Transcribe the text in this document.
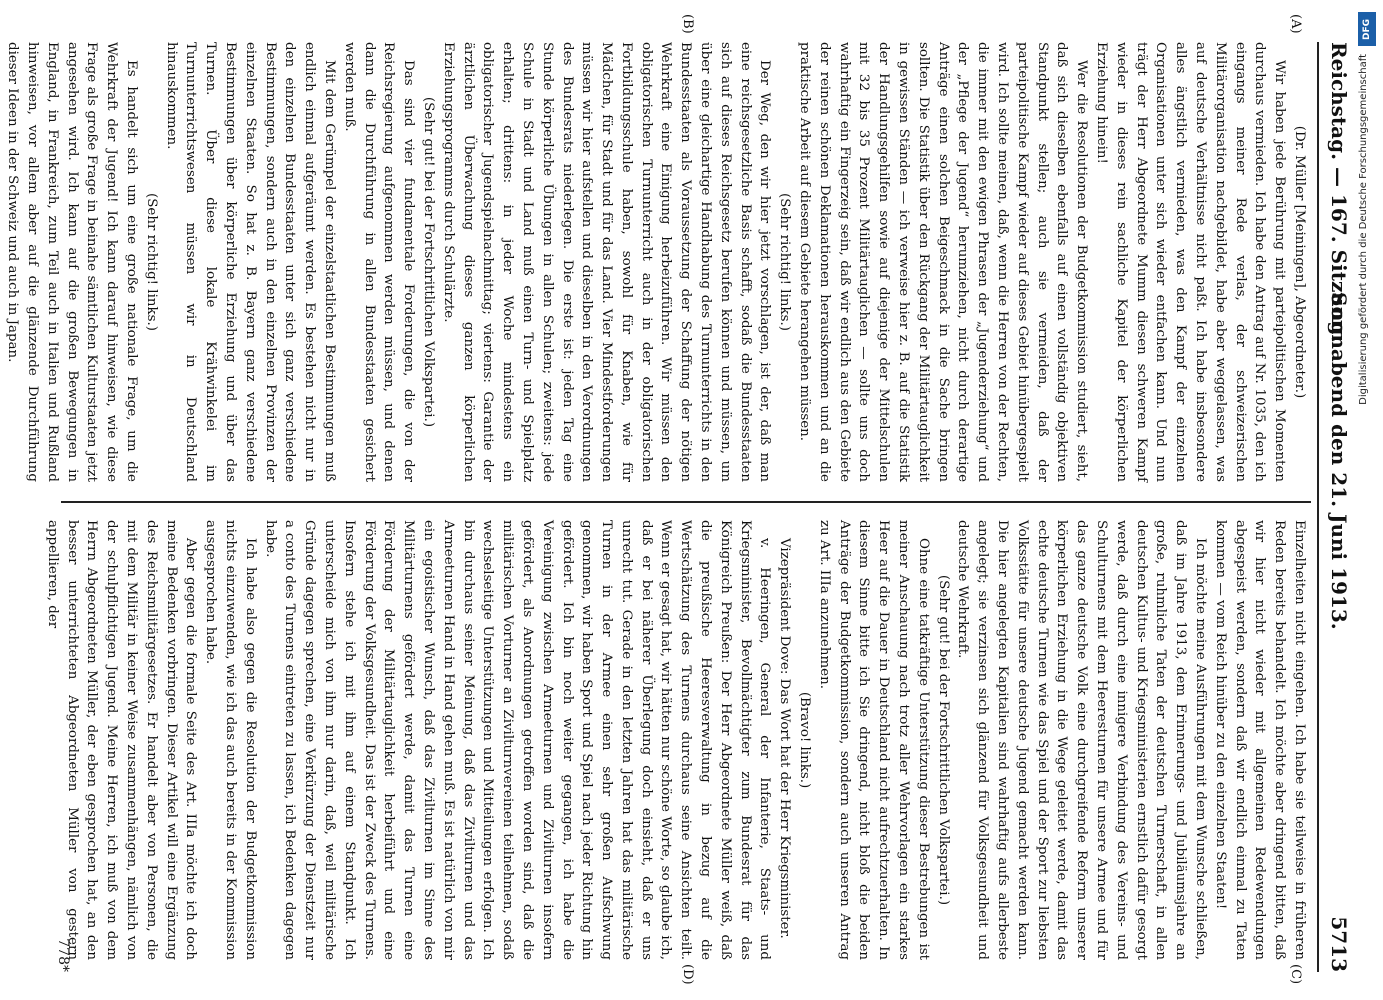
Reichstag. — 167. Sitzung.
Sonnabend den 21. Juni 1913.
5713
(A)
(B)
(C)
(D)

(Dr. Müller [Meiningen], Abgeordneter.)

Wir haben jede Berührung mit parteipolitischen Momenten durchaus vermieden. Ich habe den Antrag auf Nr. 1035, den ich eingangs meiner Rede verlas, der schweizerischen Militärorganisation nachgebildet, habe aber weggelassen, was auf deutsche Verhältnisse nicht paßt. Ich habe insbesondere alles ängstlich vermieden, was den Kampf der einzelnen Organisationen unter sich wieder entfachen kann. Und nun trägt der Herr Abgeordnete Mumm diesen schweren Kampf wieder in dieses rein sachliche Kapitel der körperlichen Erziehung hinein!

Wer die Resolutionen der Budgetkommission studiert, sieht, daß sich dieselben ebenfalls auf einen vollständig objektiven Standpunkt stellen; auch sie vermeiden, daß der parteipolitische Kampf wieder auf dieses Gebiet hinübergespielt wird. Ich sollte meinen, daß, wenn die Herren von der Rechten, die immer mit den ewigen Phrasen der „Jugenderziehung“ und der „Pflege der Jugend“ herumziehen, nicht durch derartige Anträge einen solchen Beigeschmack in die Sache bringen sollten. Die Statistik über den Rückgang der Militärtauglichkeit in gewissen Ständen — ich verweise hier z. B. auf die Statistik der Handlungsgehilfen sowie auf diejenige der Mittelschulen mit 32 bis 35 Prozent Militärtauglichen — sollte uns doch wahrhaftig ein Fingerzeig sein, daß wir endlich aus den Gebiete der reinen schönen Deklamationen herauskommen und an die praktische Arbeit auf diesem Gebiete herangehen müssen.

(Sehr richtig! links.)

Der Weg, den wir hier jetzt vorschlagen, ist der, daß man eine reichsgesetzliche Basis schafft, sodaß die Bundesstaaten sich auf dieses Reichsgesetz berufen können und müssen, um über eine gleichartige Handhabung des Turnunterrichts in den Bundesstaaten als Voraussetzung der Schaffung der nötigen Wehrkraft eine Einigung herbeizuführen. Wir müssen den obligatorischen Turnunterricht auch in der obligatorischen Fortbildungsschule haben, sowohl für Knaben, wie für Mädchen, für Stadt und für das Land. Vier Mindestforderungen müssen wir hier aufstellen und dieselben in den Verordnungen des Bundesrats niederlegen. Die erste ist: jeden Tag eine Stunde körperliche Übungen in allen Schulen; zweitens: jede Schule in Stadt und Land muß einen Turn- und Spielplatz erhalten; drittens: in jeder Woche mindestens ein obligatorischer Jugendspielnachmittag; viertens: Garantie der ärztlichen Überwachung dieses ganzen körperlichen Erziehungsprogramms durch Schulärzte.

(Sehr gut! bei der Fortschrittlichen Volkspartei.)

Das sind vier fundamentale Forderungen, die von der Reichsregierung aufgenommen werden müssen, und denen dann die Durchführung in allen Bundesstaaten gesichert werden muß.

Mit dem Gerümpel der einzelstaatlichen Bestimmungen muß endlich einmal aufgeräumt werden. Es bestehen nicht nur in den einzelnen Bundesstaaten unter sich ganz verschiedene Bestimmungen, sondern auch in den einzelnen Provinzen der einzelnen Staaten. So hat z. B. Bayern ganz verschiedene Bestimmungen über körperliche Erziehung und über das Turnen. Über diese lokale Krähwinkelei im Turnunterrichtswesen müssen wir in Deutschland hinauskommen.

(Sehr richtig! links.)

Es handelt sich um eine große nationale Frage, um die Wehrkraft der Jugend! Ich kann darauf hinweisen, wie diese Frage als große Frage in beinahe sämtlichen Kulturstaaten jetzt angesehen wird. Ich kann auf die großen Bewegungen in England, in Frankreich, zum Teil auch in Italien und Rußland hinweisen, vor allem aber auf die glänzende Durchführung dieser Ideen in der Schweiz und auch in Japan.

Einzelheiten nicht eingehen. Ich habe sie teilweise in früheren Reden bereits behandelt. Ich möchte aber dringend bitten, daß wir hier nicht wieder mit allgemeinen Redewendungen abgespeist werden, sondern daß wir endlich einmal zu Taten kommen — vom Reich hinüber zu den einzelnen Staaten!

Ich möchte meine Ausführungen mit dem Wunsche schließen, daß im Jahre 1913, dem Erinnerungs- und Jubiläumsjahre an große, ruhmliche Taten der deutschen Turnerschaft, in allen deutschen Kultus- und Kriegsministerien ernstlich dafür gesorgt werde, daß durch eine innigere Verbindung des Vereins- und Schulturnens mit dem Heeresturnen für unsere Armee und für das ganze deutsche Volk eine durchgreifende Reform unserer körperlichen Erziehung in die Wege geleitet werde, damit das echte deutsche Turnen wie das Spiel und der Sport zur liebsten Volksstätte für unsere deutsche Jugend gemacht werden kann. Die hier angelegten Kapitalien sind wahrhaftig aufs allerbeste angelegt; sie verzinsen sich glänzend für Volksgesundheit und deutsche Wehrkraft.

(Sehr gut! bei der Fortschrittlichen Volkspartei.)

Ohne eine tatkräftige Unterstützung dieser Bestrebungen ist meiner Anschauung nach trotz aller Wehrvorlagen ein starkes Heer auf die Dauer in Deutschland nicht aufrechtzuerhalten. In diesem Sinne bitte ich Sie dringend, nicht bloß die beiden Anträge der Budgetkommission, sondern auch unseren Antrag zu Art. IIIa anzunehmen.

(Bravo! links.)

Vizepräsident Dove: Das Wort hat der Herr Kriegsminister.

v. Heeringen, General der Infanterie, Staats- und Kriegsminister, Bevollmächtigter zum Bundesrat für das Königreich Preußen: Der Herr Abgeordnete Müller weiß, daß die preußische Heeresverwaltung in bezug auf die Wertschätzung des Turnens durchaus seine Ansichten teilt. Wenn er gesagt hat, wir hätten nur schöne Worte, so glaube ich, daß er bei näherer Überlegung doch einsieht, daß er uns unrecht tut. Gerade in den letzten Jahren hat das militärische Turnen in der Armee einen sehr großen Aufschwung genommen, wir haben Sport und Spiel nach jeder Richtung hin gefördert. Ich bin noch weiter gegangen, ich habe die Vereinigung zwischen Armeeturnen und Zivilturnen insofern gefördert, als Anordnungen getroffen worden sind, daß die militärischen Vorturner an Zivilturnvereinen teilnehmen, sodaß wechselseitige Unterstützungen und Mitteilungen erfolgen. Ich bin durchaus seiner Meinung, daß das Zivilturnen und das Armeeturnen Hand in Hand gehen muß. Es ist natürlich von mir ein egoistischer Wunsch, daß das Zivilturnen im Sinne des Militärturnens gefördert werde, damit das Turnen eine Förderung der Militärtauglichkeit herbeiführt und eine Förderung der Volksgesundheit. Das ist der Zweck des Turnens. Insofern stehe ich mit ihm auf einem Standpunkt. Ich unterscheide mich von ihm nur darin, daß, weil militärische Gründe dagegen sprechen, eine Verkürzung der Dienstzeit nur a conto des Turnens eintreten zu lassen, ich Bedenken dagegen habe.

Ich habe also gegen die Resolution der Budgetkommission nichts einzuwenden, wie ich das auch bereits in der Kommission ausgesprochen habe.

Aber gegen die formale Seite des Art. IIIa möchte ich doch meine Bedenken vorbringen. Dieser Artikel will eine Ergänzung des Reichsmilitärgesetzes. Er handelt aber von Personen, die mit dem Militär in keiner Weise zusammenhängen, nämlich von der schulpflichtigen Jugend. Meine Herren, ich muß von dem Herrn Abgeordneten Müller, der eben gesprochen hat, an den besser unterrichteten Abgeordneten Müller von gestern appellieren, der

778*
DFG
Digitalisierung gefördert durch die Deutsche Forschungsgemeinschaft
